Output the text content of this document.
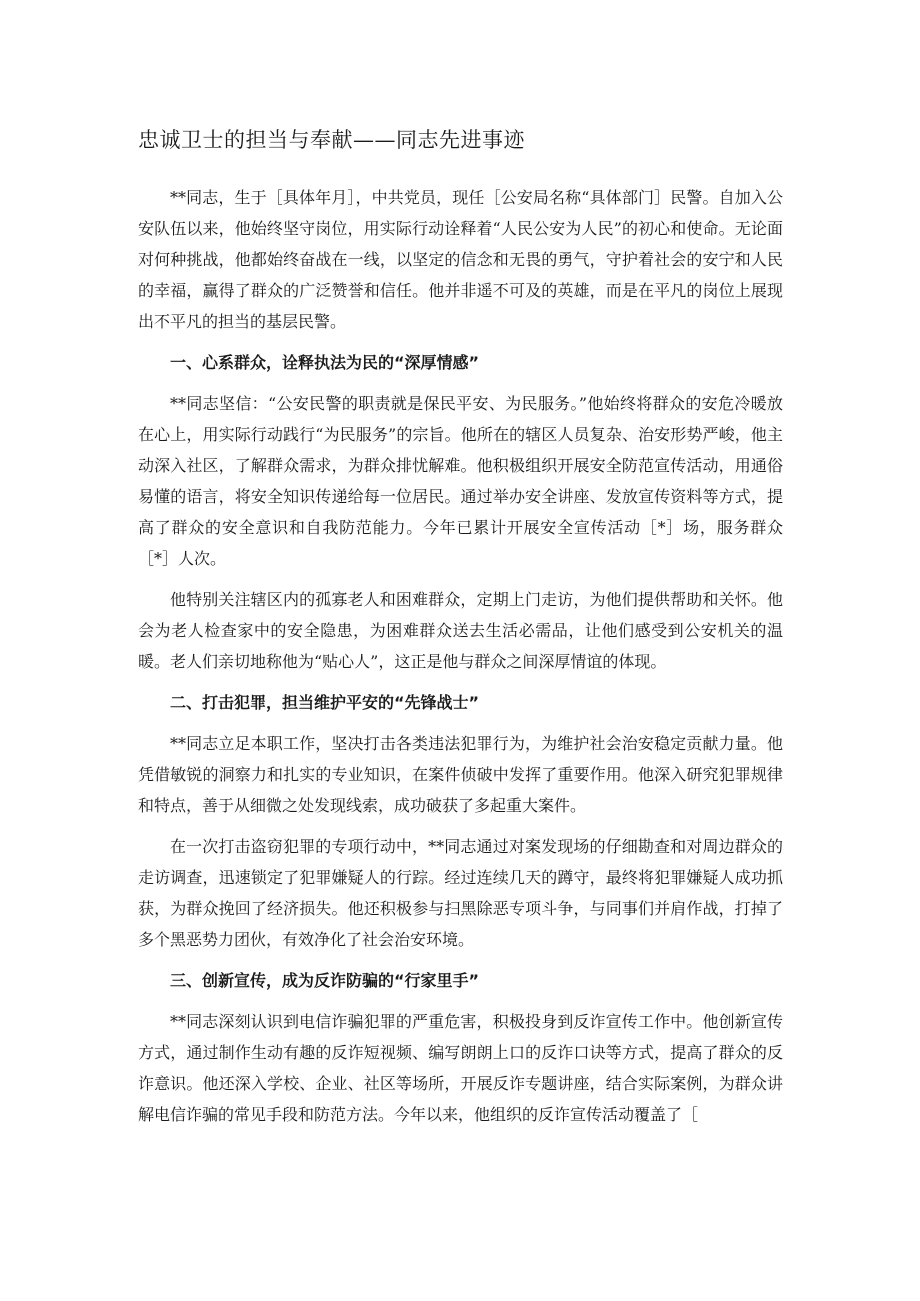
忠诚卫士的担当与奉献——同志先进事迹

**同志，生于［具体年月］，中共党员，现任［公安局名称“具体部门］民警。自加入公安队伍以来，他始终坚守岗位，用实际行动诠释着“人民公安为人民”的初心和使命。无论面对何种挑战，他都始终奋战在一线，以坚定的信念和无畏的勇气，守护着社会的安宁和人民的幸福，赢得了群众的广泛赞誉和信任。他并非遥不可及的英雄，而是在平凡的岗位上展现出不平凡的担当的基层民警。

一、心系群众，诠释执法为民的“深厚情感”

**同志坚信：“公安民警的职责就是保民平安、为民服务。”他始终将群众的安危冷暖放在心上，用实际行动践行“为民服务”的宗旨。他所在的辖区人员复杂、治安形势严峻，他主动深入社区，了解群众需求，为群众排忧解难。他积极组织开展安全防范宣传活动，用通俗易懂的语言，将安全知识传递给每一位居民。通过举办安全讲座、发放宣传资料等方式，提高了群众的安全意识和自我防范能力。今年已累计开展安全宣传活动［*］场，服务群众［*］人次。

他特别关注辖区内的孤寡老人和困难群众，定期上门走访，为他们提供帮助和关怀。他会为老人检查家中的安全隐患，为困难群众送去生活必需品，让他们感受到公安机关的温暖。老人们亲切地称他为“贴心人”，这正是他与群众之间深厚情谊的体现。

二、打击犯罪，担当维护平安的“先锋战士”

**同志立足本职工作，坚决打击各类违法犯罪行为，为维护社会治安稳定贡献力量。他凭借敏锐的洞察力和扎实的专业知识，在案件侦破中发挥了重要作用。他深入研究犯罪规律和特点，善于从细微之处发现线索，成功破获了多起重大案件。

在一次打击盗窃犯罪的专项行动中，**同志通过对案发现场的仔细勘查和对周边群众的走访调查，迅速锁定了犯罪嫌疑人的行踪。经过连续几天的蹲守，最终将犯罪嫌疑人成功抓获，为群众挽回了经济损失。他还积极参与扫黑除恶专项斗争，与同事们并肩作战，打掉了多个黑恶势力团伙，有效净化了社会治安环境。

三、创新宣传，成为反诈防骗的“行家里手”

**同志深刻认识到电信诈骗犯罪的严重危害，积极投身到反诈宣传工作中。他创新宣传方式，通过制作生动有趣的反诈短视频、编写朗朗上口的反诈口诀等方式，提高了群众的反诈意识。他还深入学校、企业、社区等场所，开展反诈专题讲座，结合实际案例，为群众讲解电信诈骗的常见手段和防范方法。今年以来，他组织的反诈宣传活动覆盖了［
